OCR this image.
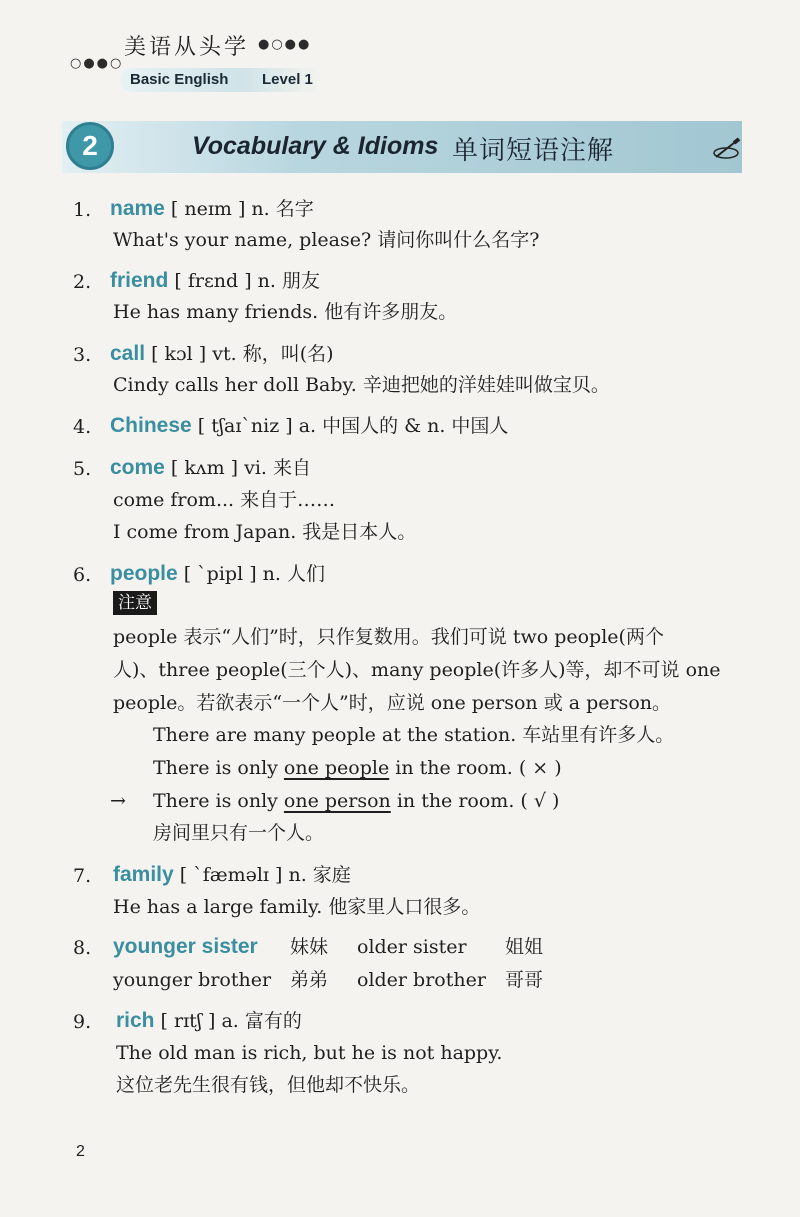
○●●○
美语从头学 ●○●●
Basic English Level 1
2	Vocabulary & Idioms 单词短语注解
1. name [ neɪm ] n. 名字
What's your name, please? 请问你叫什么名字?
2. friend [ frɛnd ] n. 朋友
He has many friends. 他有许多朋友。
3. call [ kɔl ] vt. 称，叫(名)
Cindy calls her doll Baby. 辛迪把她的洋娃娃叫做宝贝。
4. Chinese [ tʃaɪˋniz ] a. 中国人的 & n. 中国人
5. come [ kʌm ] vi. 来自
come from... 来自于……
I come from Japan. 我是日本人。
6. people [ ˋpipl ] n. 人们
注意
people 表示“人们”时，只作复数用。我们可说 two people(两个
人)、three people(三个人)、many people(许多人)等，却不可说 one
people。若欲表示“一个人”时，应说 one person 或 a person。
There are many people at the station. 车站里有许多人。
There is only one people in the room. ( × )
→ There is only one person in the room. ( √ )
房间里只有一个人。
7. family [ ˋfæmәlɪ ] n. 家庭
He has a large family. 他家里人口很多。
8. younger sister 妹妹 older sister 姐姐
younger brother 弟弟 older brother 哥哥
9. rich [ rɪtʃ ] a. 富有的
The old man is rich, but he is not happy.
这位老先生很有钱，但他却不快乐。
2
